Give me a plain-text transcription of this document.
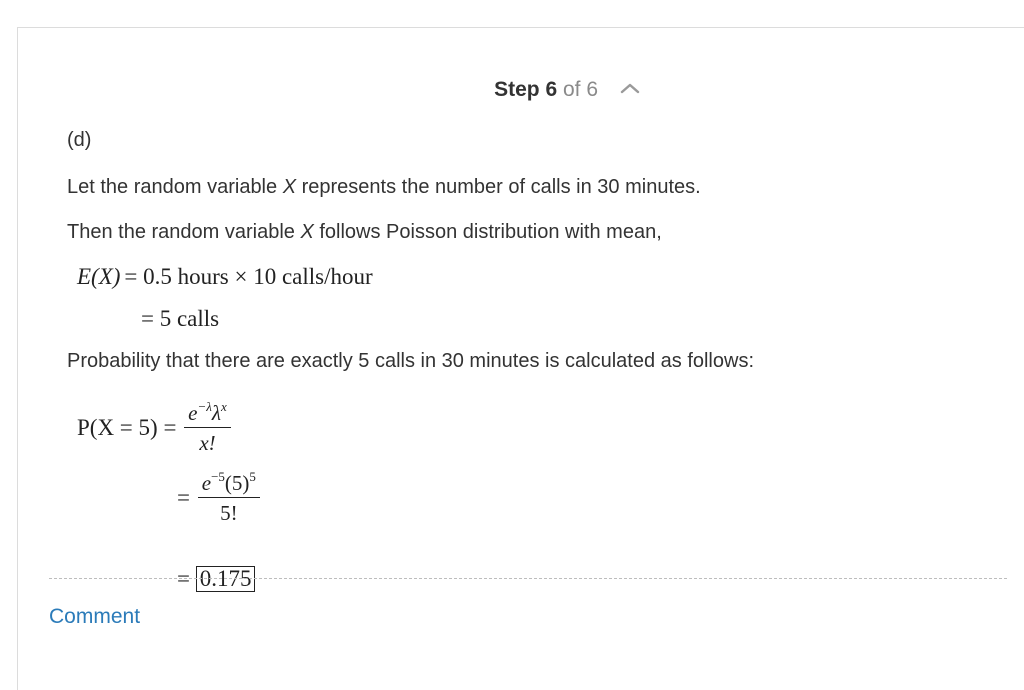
Step 6 of 6
(d)
Let the random variable X represents the number of calls in 30 minutes.
Then the random variable X follows Poisson distribution with mean,
E(X) = 0.5 hours × 10 calls/hour
= 5 calls
Probability that there are exactly 5 calls in 30 minutes is calculated as follows:
$P(X = 5) = \frac{e^{-\lambda}\lambda^x}{x!}$
= $\frac{e^{-5}(5)^5}{5!}$
= 0.175
Comment
